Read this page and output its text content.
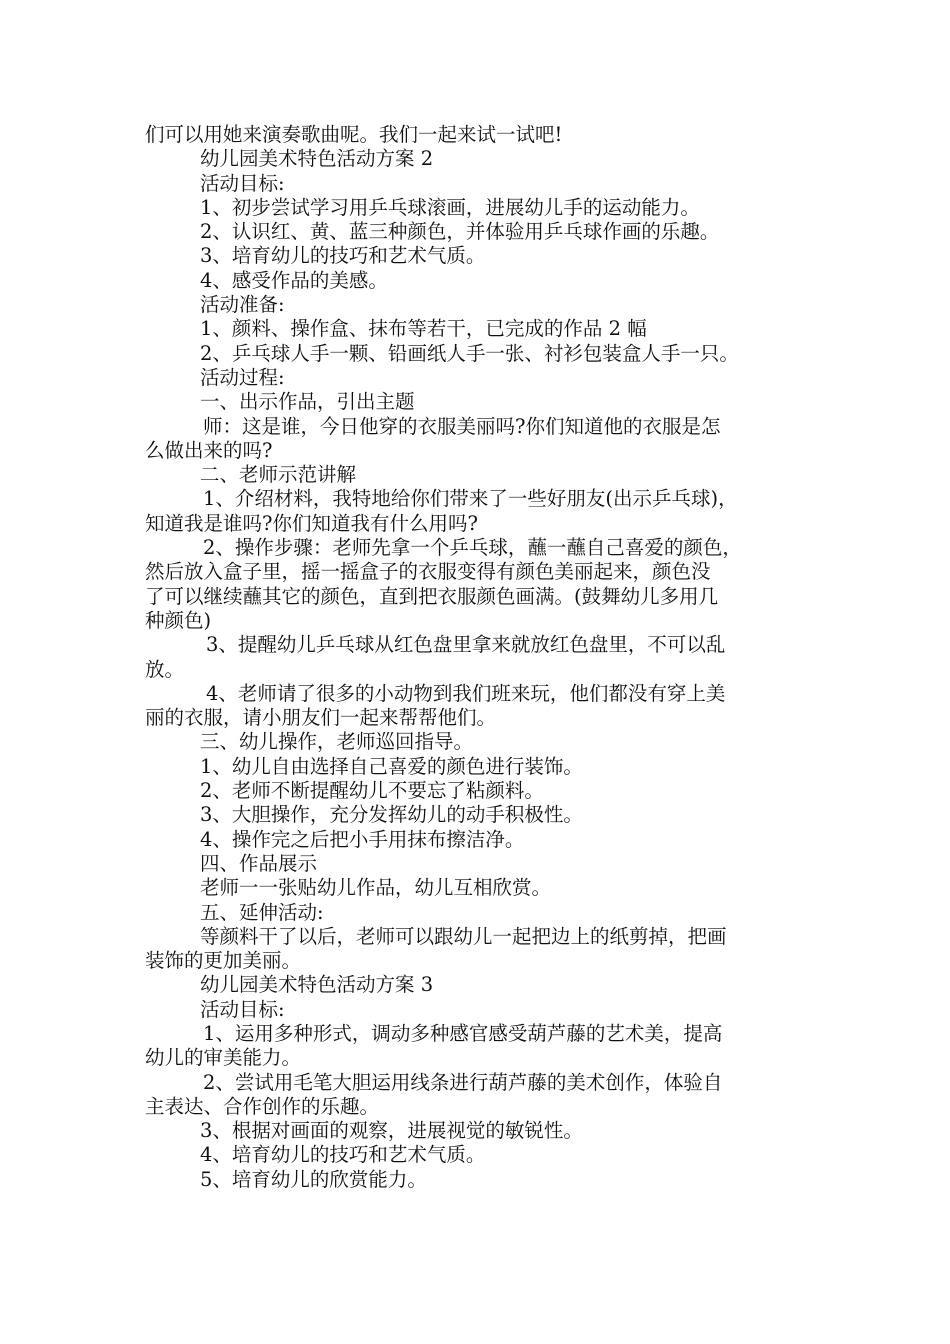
们可以用她来演奏歌曲呢。我们一起来试一试吧!
幼儿园美术特色活动方案 2
活动目标:
1、初步尝试学习用乒乓球滚画，进展幼儿手的运动能力。
2、认识红、黄、蓝三种颜色，并体验用乒乓球作画的乐趣。
3、培育幼儿的技巧和艺术气质。
4、感受作品的美感。
活动准备:
1、颜料、操作盒、抹布等若干，已完成的作品 2 幅
2、乒乓球人手一颗、铅画纸人手一张、衬衫包装盒人手一只。
活动过程:
一、出示作品，引出主题
师：这是谁，今日他穿的衣服美丽吗?你们知道他的衣服是怎
么做出来的吗?
二、老师示范讲解
1、介绍材料，我特地给你们带来了一些好朋友(出示乒乓球)，
知道我是谁吗?你们知道我有什么用吗?
2、操作步骤：老师先拿一个乒乓球，蘸一蘸自己喜爱的颜色，
然后放入盒子里，摇一摇盒子的衣服变得有颜色美丽起来，颜色没
了可以继续蘸其它的颜色，直到把衣服颜色画满。(鼓舞幼儿多用几
种颜色)
3、提醒幼儿乒乓球从红色盘里拿来就放红色盘里，不可以乱
放。
4、老师请了很多的小动物到我们班来玩，他们都没有穿上美
丽的衣服，请小朋友们一起来帮帮他们。
三、幼儿操作，老师巡回指导。
1、幼儿自由选择自己喜爱的颜色进行装饰。
2、老师不断提醒幼儿不要忘了粘颜料。
3、大胆操作，充分发挥幼儿的动手积极性。
4、操作完之后把小手用抹布擦洁净。
四、作品展示
老师一一张贴幼儿作品，幼儿互相欣赏。
五、延伸活动:
等颜料干了以后，老师可以跟幼儿一起把边上的纸剪掉，把画
装饰的更加美丽。
幼儿园美术特色活动方案 3
活动目标:
1、运用多种形式，调动多种感官感受葫芦藤的艺术美，提高
幼儿的审美能力。
2、尝试用毛笔大胆运用线条进行葫芦藤的美术创作，体验自
主表达、合作创作的乐趣。
3、根据对画面的观察，进展视觉的敏锐性。
4、培育幼儿的技巧和艺术气质。
5、培育幼儿的欣赏能力。
